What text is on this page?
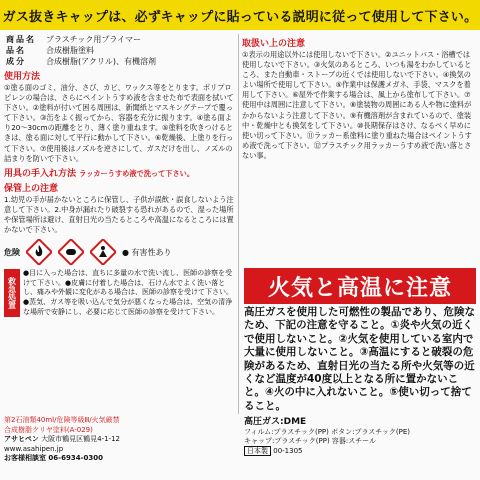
ガス抜きキャップは、必ずキャップに貼っている説明に従って使用して下さい。
商品名	プラスチック用プライマー
品名	合成樹脂塗料
成分	合成樹脂(アクリル)、有機溶剤
使用方法
①塗る面のゴミ、油分、さび、カビ、ワックス等をとります。ポリプロピレンの場合は、さらにペイントうすめ液を含ませた布で表面を拭いて下さい。②塗料が付いて困る周囲は、新聞紙とマスキングテープで覆って下さい。③缶をよく振ってから、容器を充分に振ります。④塗る面より20〜30cmの距離をとり、薄く塗り重ねます。⑤塗料を吹きつけるときは、塗る面に対して平行に動かして下さい。⑥乾燥後、上塗りを行って下さい。⑦使用後はノズルを逆さにして、ガスだけを出し、ノズルの詰まりを防いで下さい。
用具の手入れ方法 ラッカーうすめ液で洗って下さい。
保管上の注意
1.幼児の手が届かないところに保管し、子供が誤飲・誤食しないよう注意して下さい。2.中身が漏れたり破裂する恐れがあるので、湿った場所や保管場所は避け、直射日光の当たるところや高温になるところには置かないで下さい。
危険	● 有害性あり
救急処置
●目に入った場合は、直ちに多量の水で洗い流し、医師の診察を受けて下さい。●皮膚に付着した場合は、石けん水でよく洗い落とし、痛みや外観に変化がある場合は、医師の診察を受けて下さい。●蒸気、ガス等を吸い込んで気分が悪くなった場合は、空気の清浄な場所で安静にし、必要に応じて医師の診察を受けて下さい。
第2石油類40ml/危険等級Ⅲ/火気厳禁
合成樹脂クリヤ塗料(A-029)
アサヒペン 大阪市鶴見区鶴見4-1-12
www.asahipen.jp
お客様相談室 06-6934-0300
取扱い上の注意
①表示の用途以外には使用しないで下さい。②ユニットバス・浴槽では使用しないで下さい。③火気のあるところ、いつも湯をわかしているところ、また自動車・ストーブの近くでは使用しないで下さい。④換気のよい場所で使用して下さい。⑤作業中は保護メガネ、手袋、マスクを着用して下さい。⑥屋外で作業する場合は、風上から塗布して下さい。⑦使用中は周囲に注意して下さい。⑧塗装物の周囲にある人や物に塗料がかからないよう注意して下さい。⑨有機溶剤が含まれているので、塗装中・乾燥中とも換気をして下さい。⑩長期保存はさけ、なるべく早めに使い切って下さい。⑪ラッカー系塗料に塗り重ねた場合はペイントうすめ液で洗って下さい。⑫プラスチック用ラッカーうすめ液で洗い落とさない事。
火気と高温に注意
高圧ガスを使用した可燃性の製品であり、危険なため、下記の注意を守ること。①炎や火気の近くで使用しないこと。②火気を使用している室内で大量に使用しないこと。③高温にすると破裂の危険があるため、直射日光の当たる所や火気等の近くなど温度が40度以上となる所に置かないこと。④火の中に入れないこと。⑤使い切って捨てること。
高圧ガス:DME
フィルム:プラスチック(PP) ボタン:プラスチック(PE)
キャップ:プラスチック(PP) 容器:スチール
日本製 00-1305
